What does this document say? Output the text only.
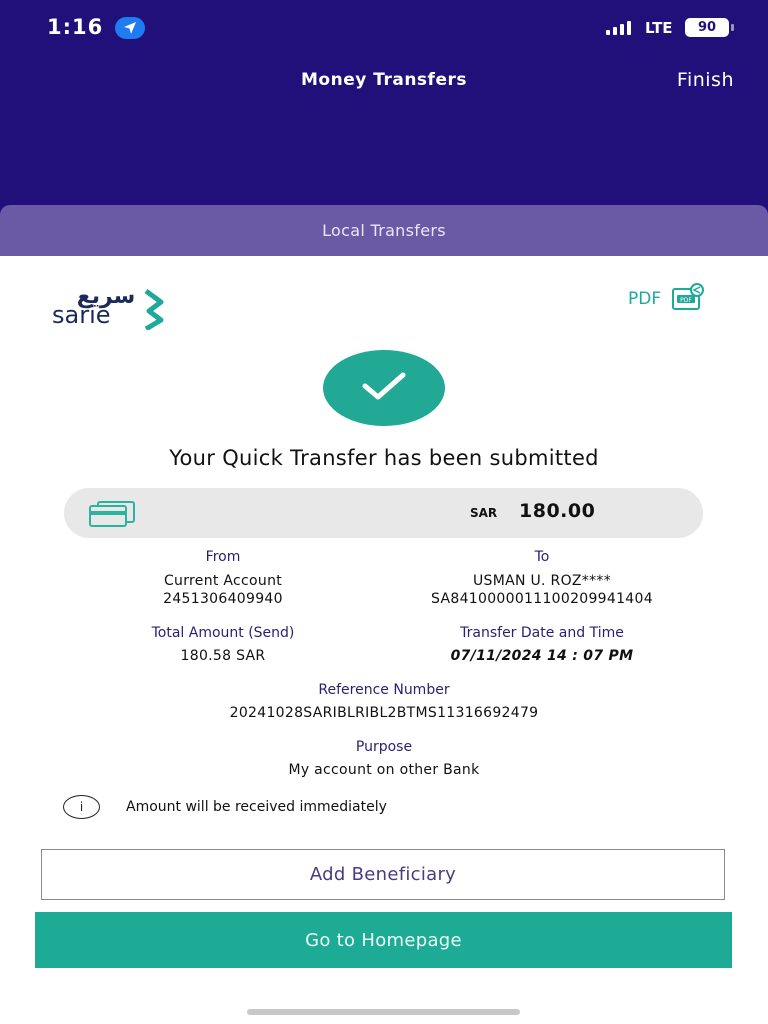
1:16	LTE	90
Money Transfers	Finish
Local Transfers
سريع
sarie
PDF	PDF
Your Quick Transfer has been submitted
SAR 180.00
From
Current Account
2451306409940
To
USMAN U. ROZ****
SA8410000011100209941404
Total Amount (Send)
180.58 SAR
Transfer Date and Time
07/11/2024 14 : 07 PM
Reference Number
20241028SARIBLRIBL2BTMS11316692479
Purpose
My account on other Bank
i	Amount will be received immediately
Add Beneficiary
Go to Homepage
